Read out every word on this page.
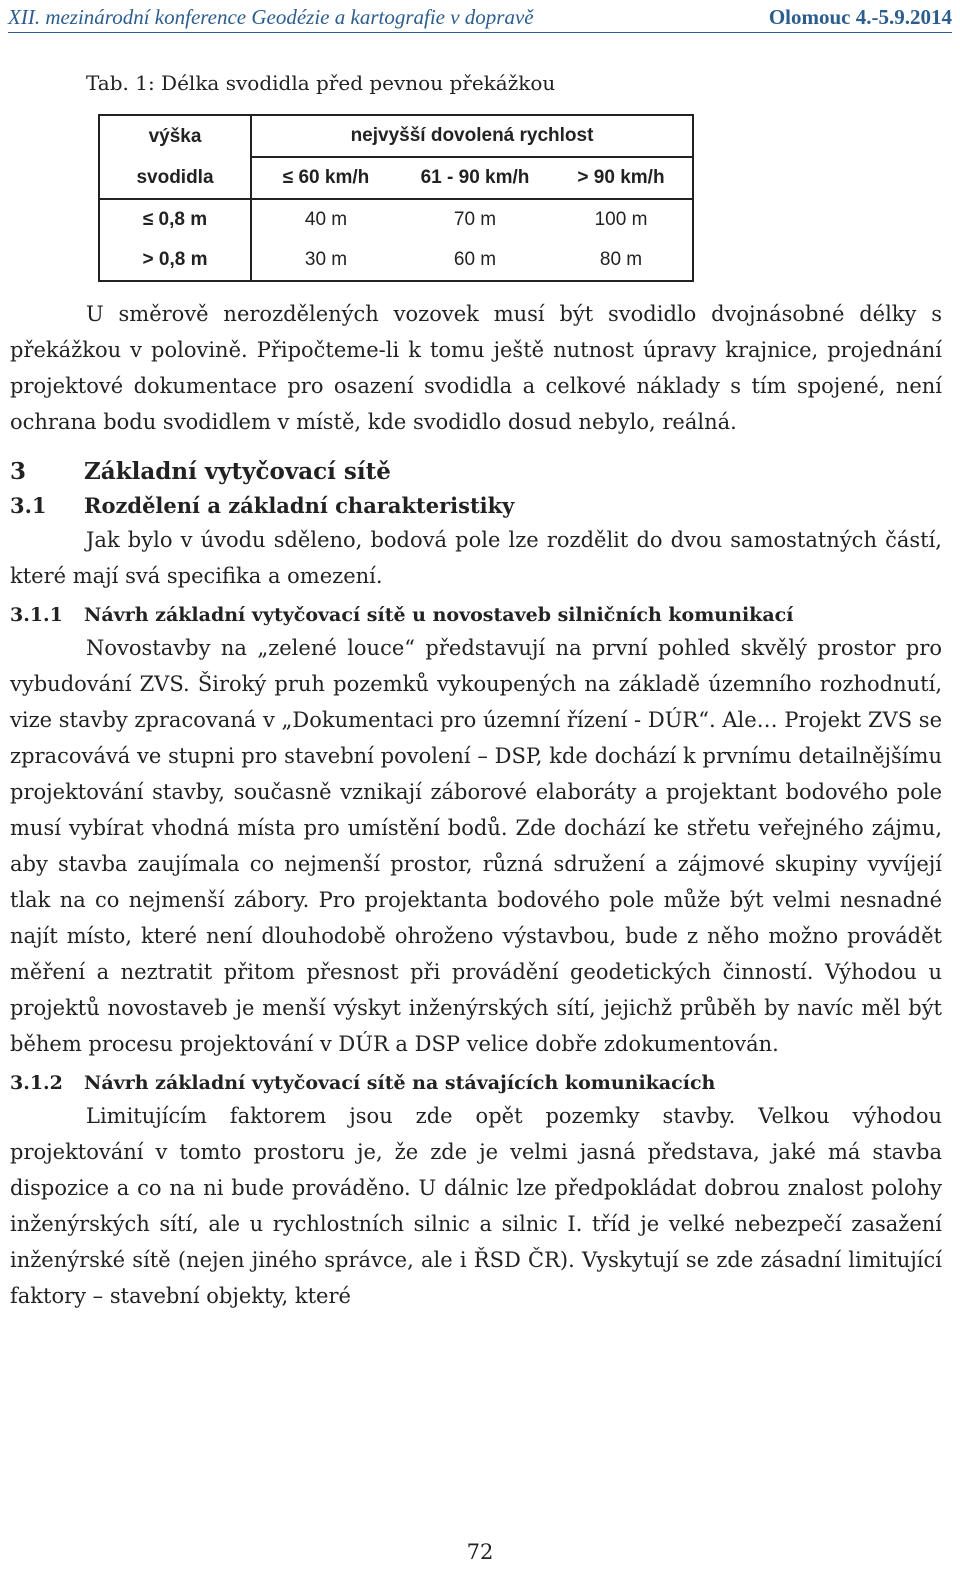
XII. mezinárodní konference Geodézie a kartografie v dopravě	Olomouc 4.-5.9.2014
Tab. 1: Délka svodidla před pevnou překážkou
výška	nejvyšší dovolená rychlost		
svodidla	≤ 60 km/h	61 - 90 km/h	> 90 km/h
≤ 0,8 m	40 m	70 m	100 m
> 0,8 m	30 m	60 m	80 m

U směrově nerozdělených vozovek musí být svodidlo dvojnásobné délky s překážkou v polovině. Připočteme-li k tomu ještě nutnost úpravy krajnice, projednání projektové dokumentace pro osazení svodidla a celkové náklady s tím spojené, není ochrana bodu svodidlem v místě, kde svodidlo dosud nebylo, reálná.

3	Základní vytyčovací sítě
3.1 Rozdělení a základní charakteristiky

Jak bylo v úvodu sděleno, bodová pole lze rozdělit do dvou samostatných částí, které mají svá specifika a omezení.

3.1.1 Návrh základní vytyčovací sítě u novostaveb silničních komunikací

Novostavby na „zelené louce“ představují na první pohled skvělý prostor pro vybudování ZVS. Široký pruh pozemků vykoupených na základě územního rozhodnutí, vize stavby zpracovaná v „Dokumentaci pro územní řízení - DÚR“. Ale… Projekt ZVS se zpracovává ve stupni pro stavební povolení – DSP, kde dochází k prvnímu detailnějšímu projektování stavby, současně vznikají záborové elaboráty a projektant bodového pole musí vybírat vhodná místa pro umístění bodů. Zde dochází ke střetu veřejného zájmu, aby stavba zaujímala co nejmenší prostor, různá sdružení a zájmové skupiny vyvíjejí tlak na co nejmenší zábory. Pro projektanta bodového pole může být velmi nesnadné najít místo, které není dlouhodobě ohroženo výstavbou, bude z něho možno provádět měření a neztratit přitom přesnost při provádění geodetických činností. Výhodou u projektů novostaveb je menší výskyt inženýrských sítí, jejichž průběh by navíc měl být během procesu projektování v DÚR a DSP velice dobře zdokumentován.

3.1.2 Návrh základní vytyčovací sítě na stávajících komunikacích

Limitujícím faktorem jsou zde opět pozemky stavby. Velkou výhodou projektování v tomto prostoru je, že zde je velmi jasná představa, jaké má stavba dispozice a co na ni bude prováděno. U dálnic lze předpokládat dobrou znalost polohy inženýrských sítí, ale u rychlostních silnic a silnic I. tříd je velké nebezpečí zasažení inženýrské sítě (nejen jiného správce, ale i ŘSD ČR). Vyskytují se zde zásadní limitující faktory – stavební objekty, které

72
